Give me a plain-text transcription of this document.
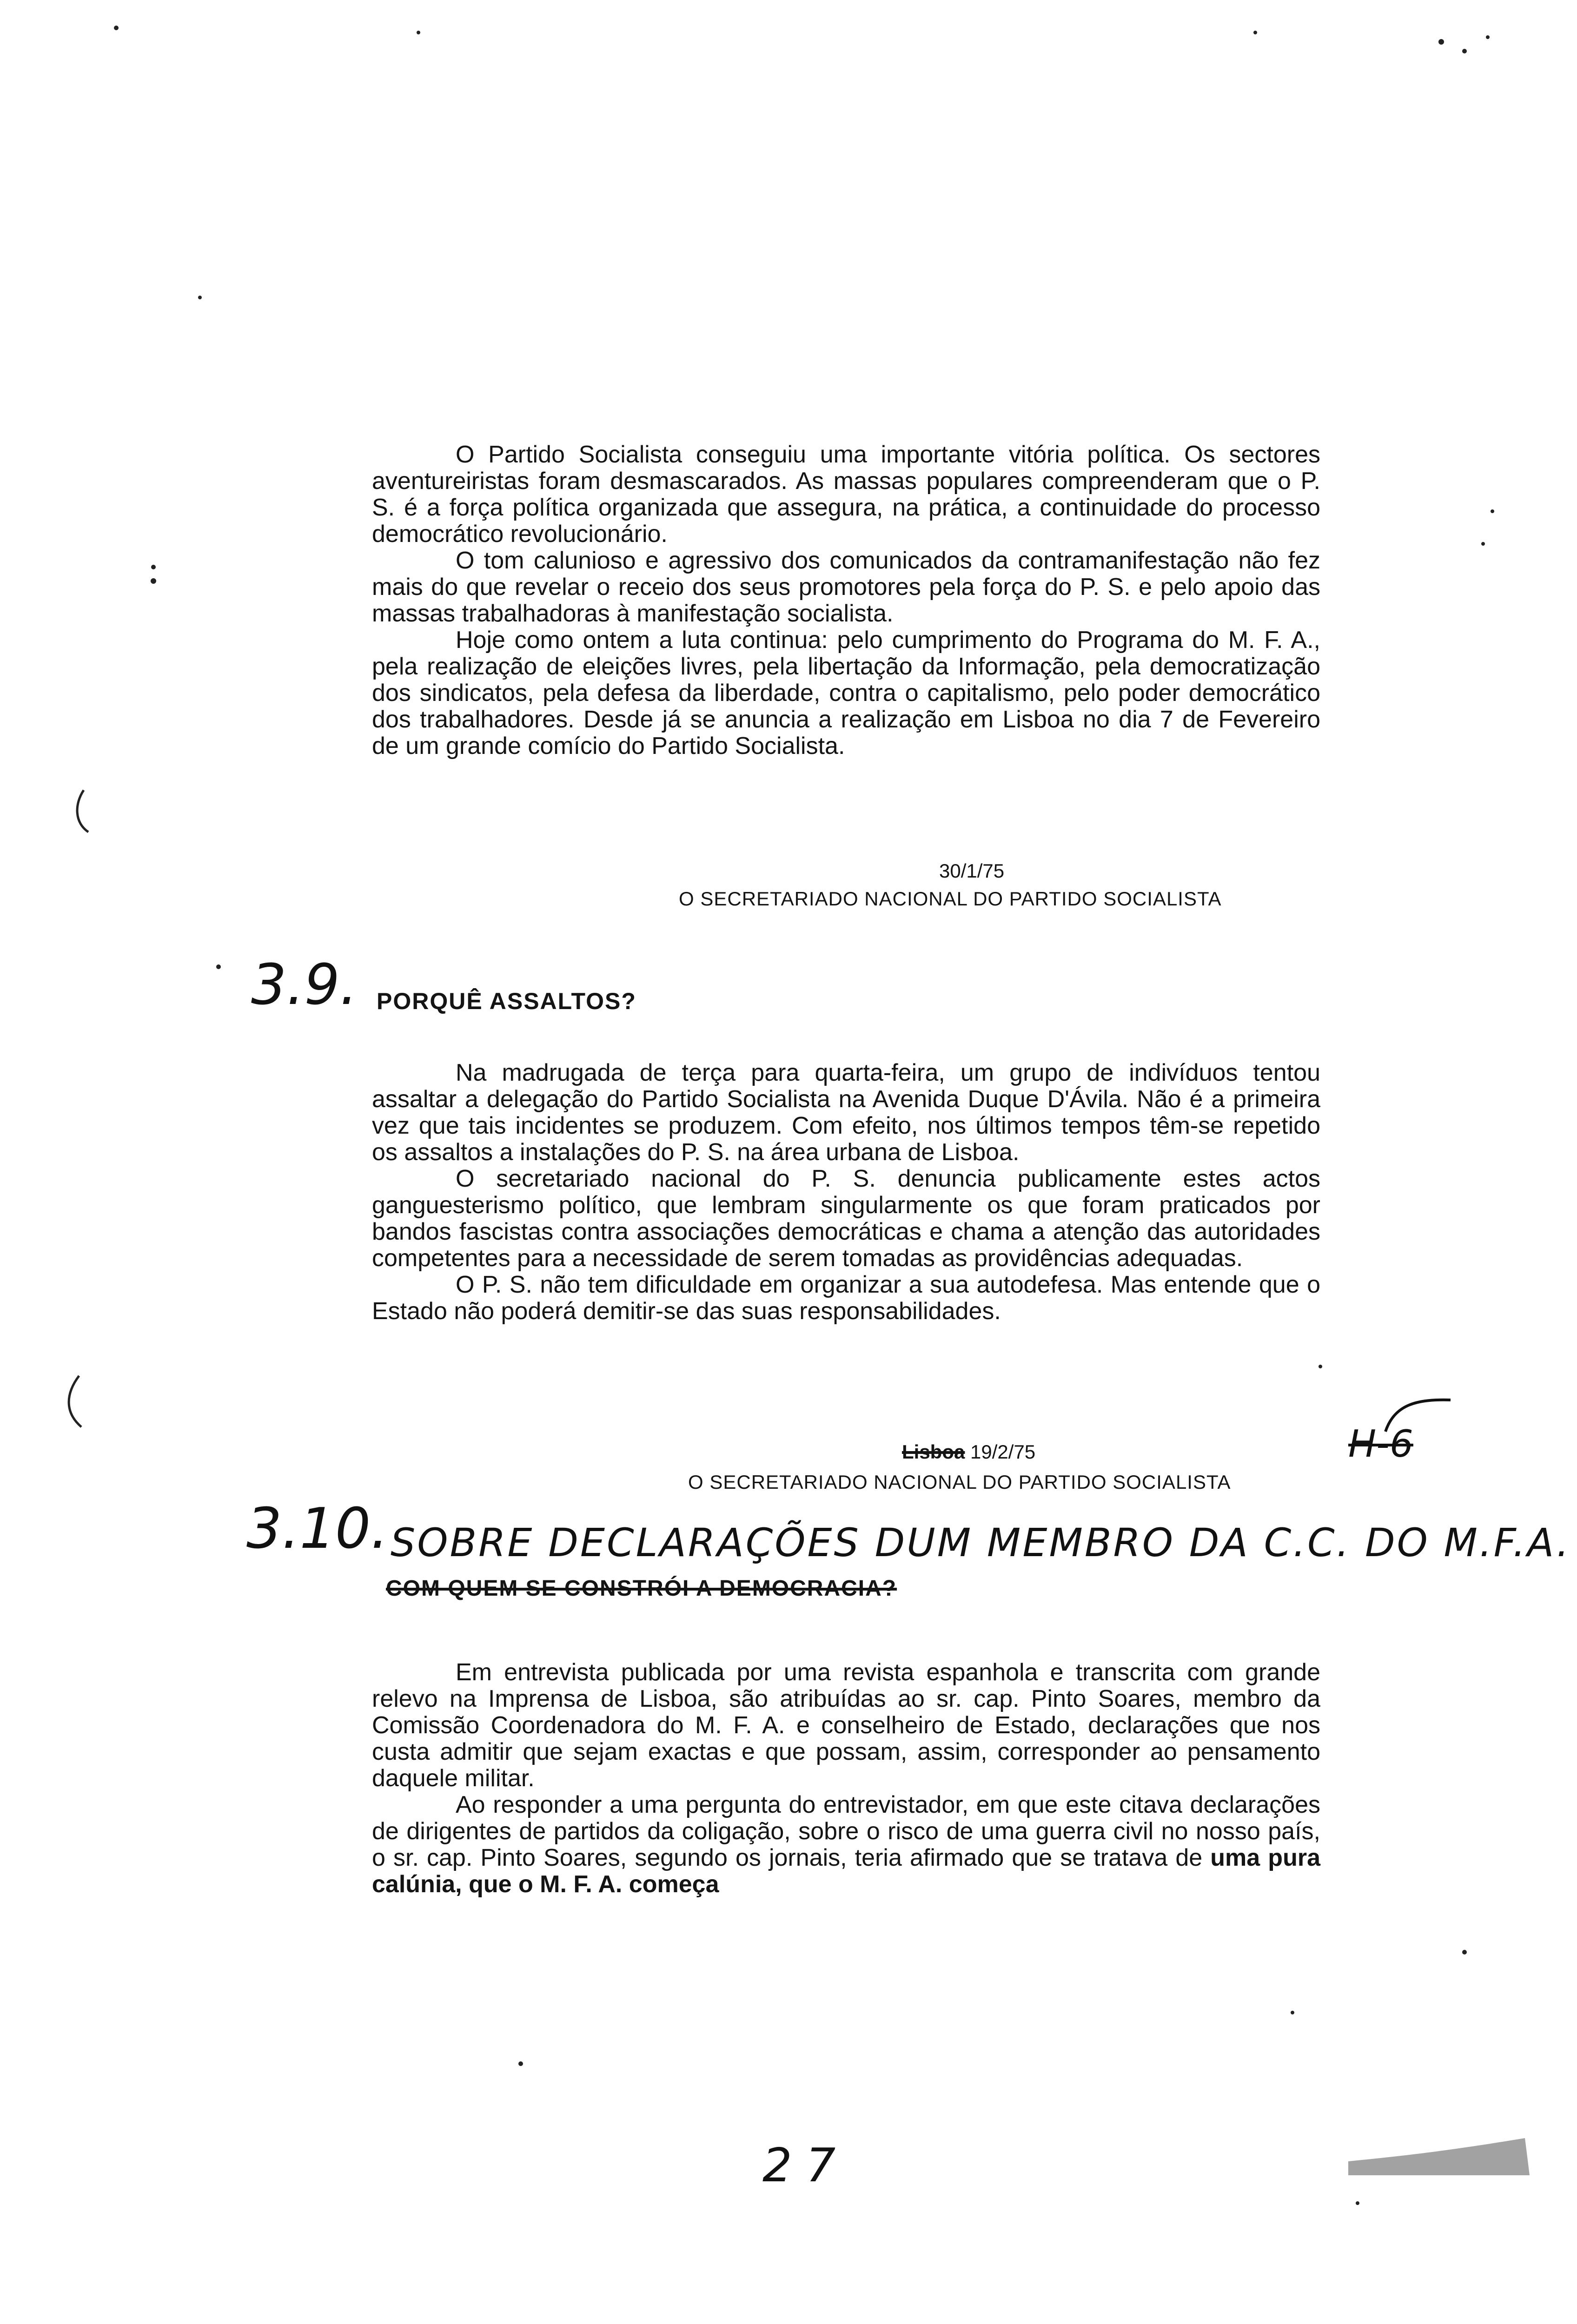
O Partido Socialista conseguiu uma importante vitória política. Os sectores aventureiristas foram desmascarados. As massas populares compreenderam que o P. S. é a força política organizada que assegura, na prática, a continuidade do processo democrático revolucionário.

O tom calunioso e agressivo dos comunicados da contramanifestação não fez mais do que revelar o receio dos seus promotores pela força do P. S. e pelo apoio das massas trabalhadoras à manifestação socialista.

Hoje como ontem a luta continua: pelo cumprimento do Programa do M. F. A., pela realização de eleições livres, pela libertação da Informação, pela democratização dos sindicatos, pela defesa da liberdade, contra o capitalismo, pelo poder democrático dos trabalhadores. Desde já se anuncia a realização em Lisboa no dia 7 de Fevereiro de um grande comício do Partido Socialista.

30/1/75
O SECRETARIADO NACIONAL DO PARTIDO SOCIALISTA
3.9. PORQUÊ ASSALTOS?

Na madrugada de terça para quarta-feira, um grupo de indivíduos tentou assaltar a delegação do Partido Socialista na Avenida Duque D'Ávila. Não é a primeira vez que tais incidentes se produzem. Com efeito, nos últimos tempos têm-se repetido os assaltos a instalações do P. S. na área urbana de Lisboa.

O secretariado nacional do P. S. denuncia publicamente estes actos ganguesterismo político, que lembram singularmente os que foram praticados por bandos fascistas contra associações democráticas e chama a atenção das autoridades competentes para a necessidade de serem tomadas as providências adequadas.

O P. S. não tem dificuldade em organizar a sua autodefesa. Mas entende que o Estado não poderá demitir-se das suas responsabilidades.

Lisboa 19/2/75	H-6
O SECRETARIADO NACIONAL DO PARTIDO SOCIALISTA
3.10. SOBRE DECLARAÇÕES DUM MEMBRO DA C.C. DO M.F.A.
COM QUEM SE CONSTRÓI A DEMOCRACIA?

Em entrevista publicada por uma revista espanhola e transcrita com grande relevo na Imprensa de Lisboa, são atribuídas ao sr. cap. Pinto Soares, membro da Comissão Coordenadora do M. F. A. e conselheiro de Estado, declarações que nos custa admitir que sejam exactas e que possam, assim, corresponder ao pensamento daquele militar.

Ao responder a uma pergunta do entrevistador, em que este citava declarações de dirigentes de partidos da coligação, sobre o risco de uma guerra civil no nosso país, o sr. cap. Pinto Soares, segundo os jornais, teria afirmado que se tratava de uma pura calúnia, que o M. F. A. começa

27
